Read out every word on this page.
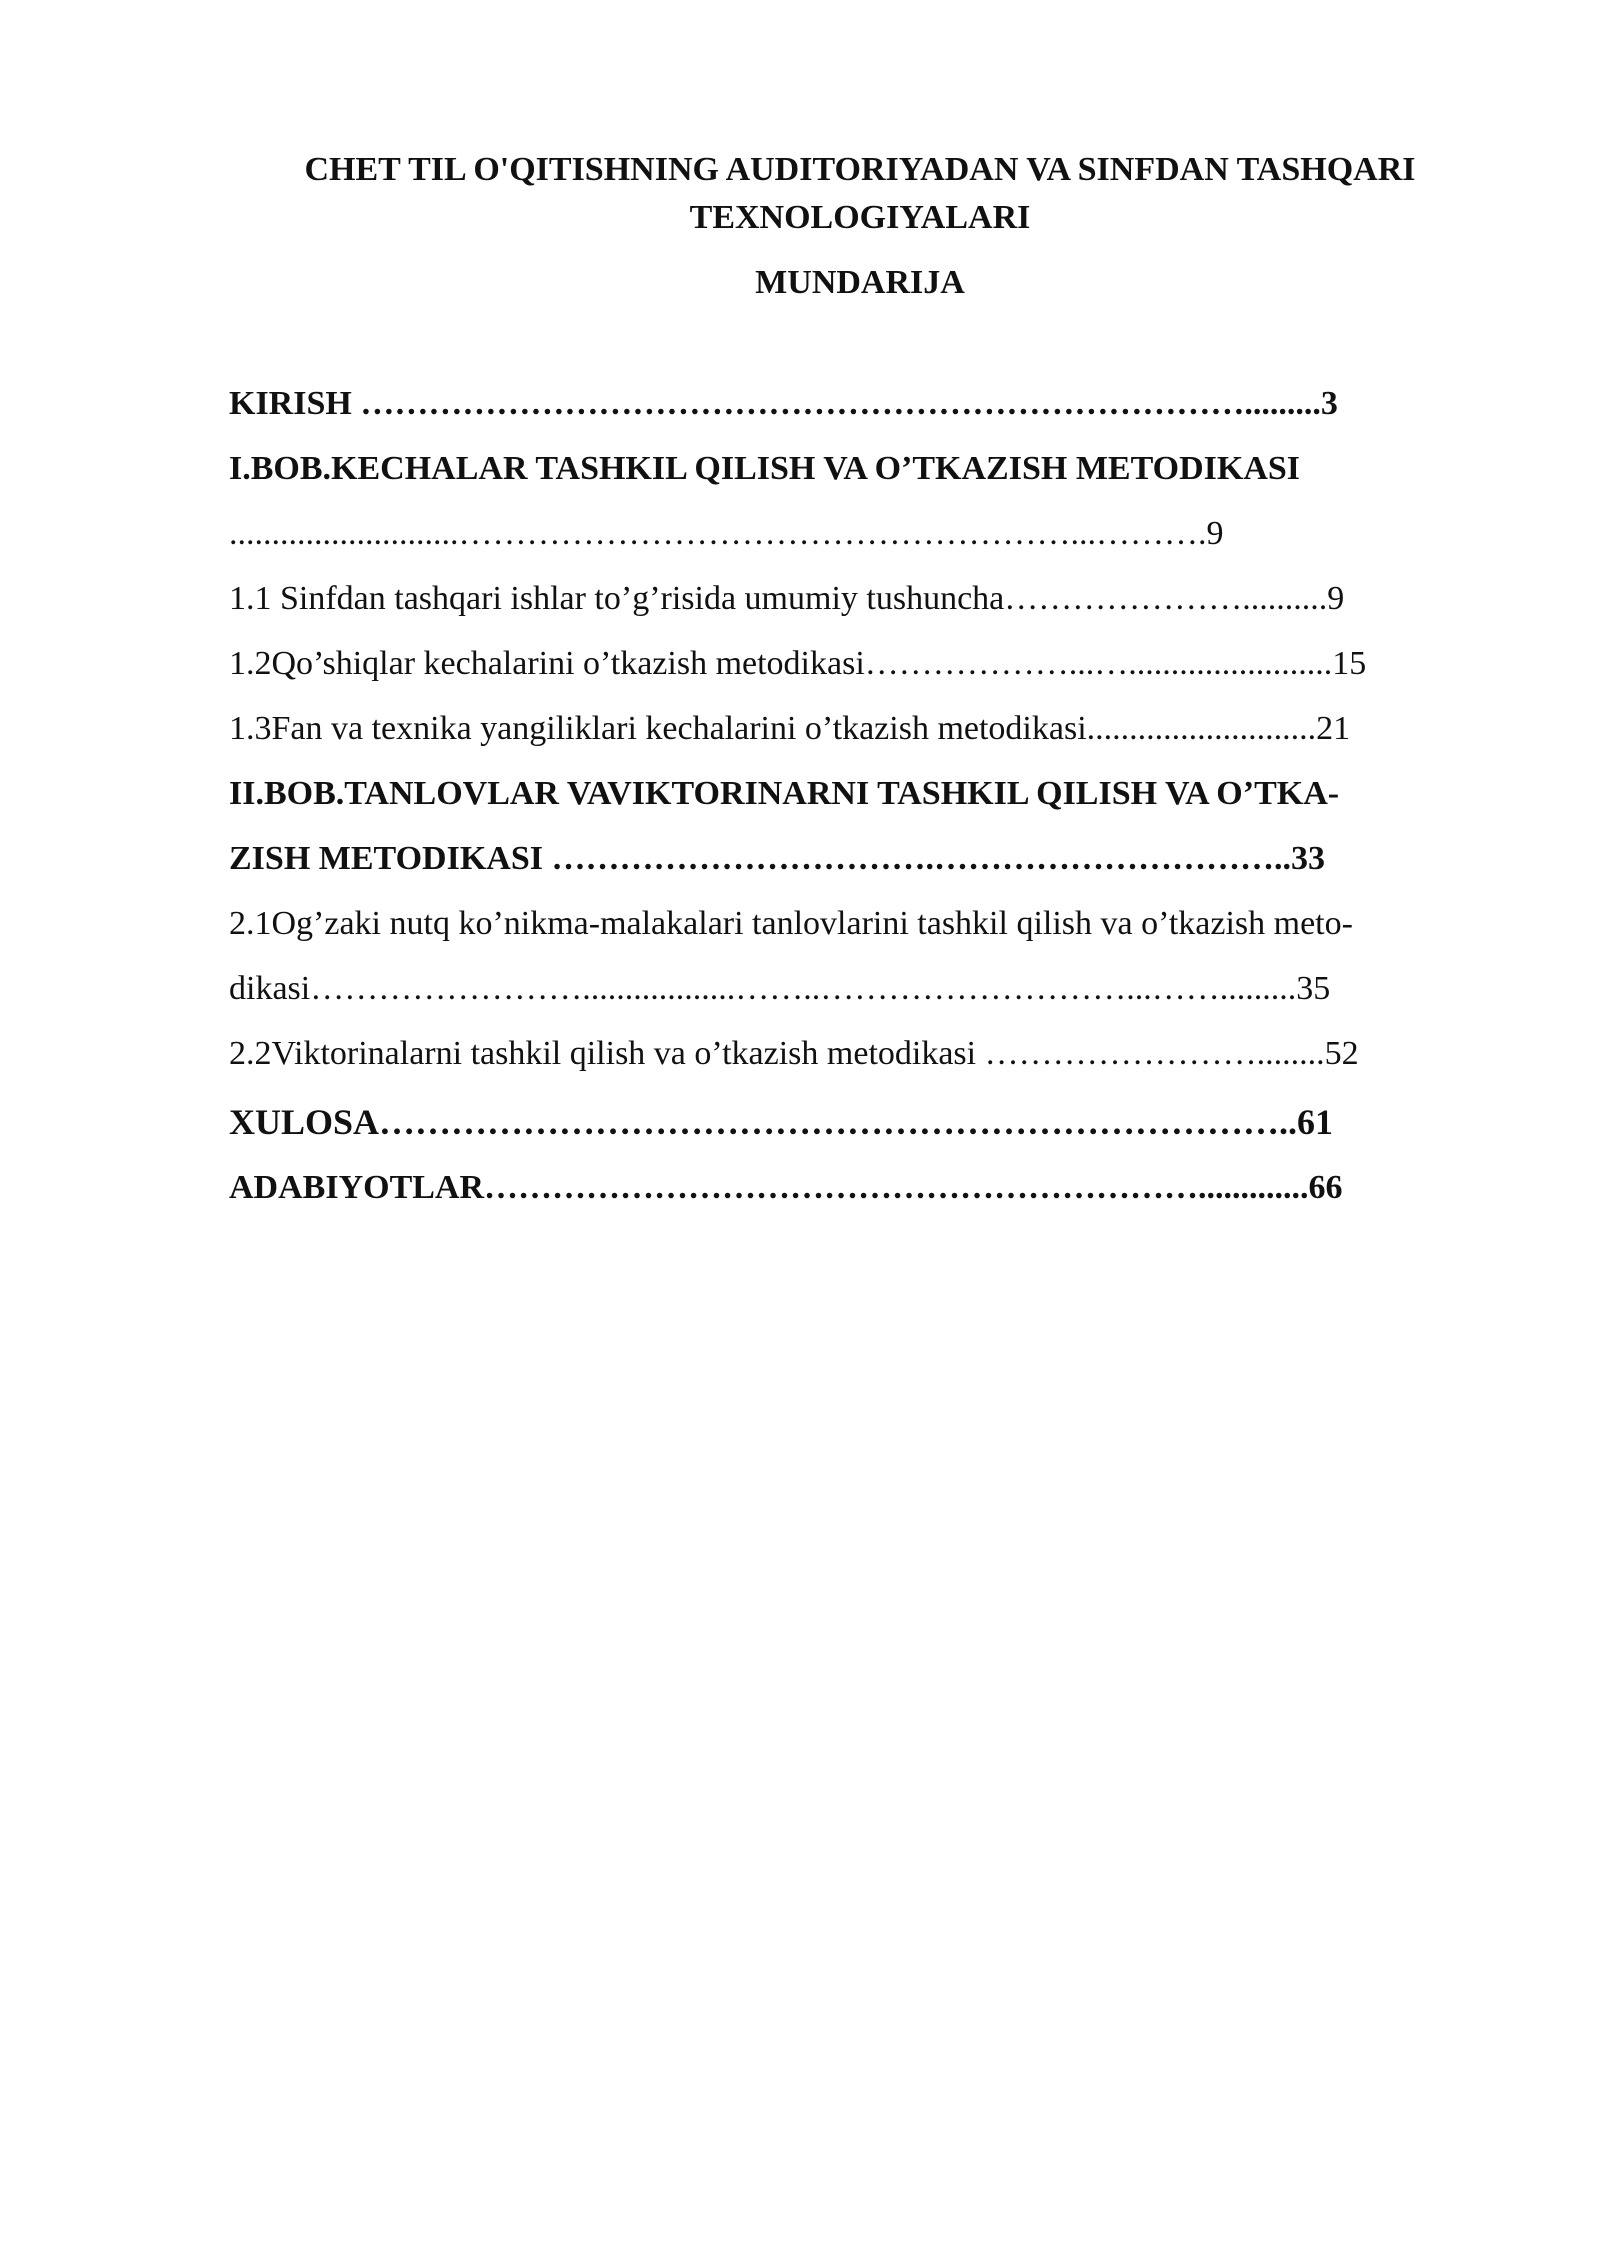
CHET TIL O'QITISHNING AUDITORIYADAN VA SINFDAN TASHQARI
TEXNOLOGIYALARI
MUNDARIJA
KIRISH …………………………………………………………………….........3
I.BOB.KECHALAR TASHKIL QILISH VA O’TKAZISH METODIKASI
...........................………………………………………………...……….9
1.1 Sinfdan tashqari ishlar to’g’risida umumiy tushuncha…………………..........9
1.2Qo’shiqlar kechalarini o’tkazish metodikasi………………...…........................15
1.3Fan va texnika yangiliklari kechalarini o’tkazish metodikasi...........................21
II.BOB.TANLOVLAR VAVIKTORINARNI TASHKIL QILISH VA O’TKA-
ZISH METODIKASI …………………………….…………………………..33
2.1Og’zaki nutq ko’nikma-malakalari tanlovlarini tashkil qilish va o’tkazish meto-
dikasi……………………..................……..………………………...…….........35
2.2Viktorinalarni tashkil qilish va o’tkazish metodikasi ……………………........52
XULOSA…………………………………………………………………..61
ADABIYOTLAR……………………………………………………….............66
